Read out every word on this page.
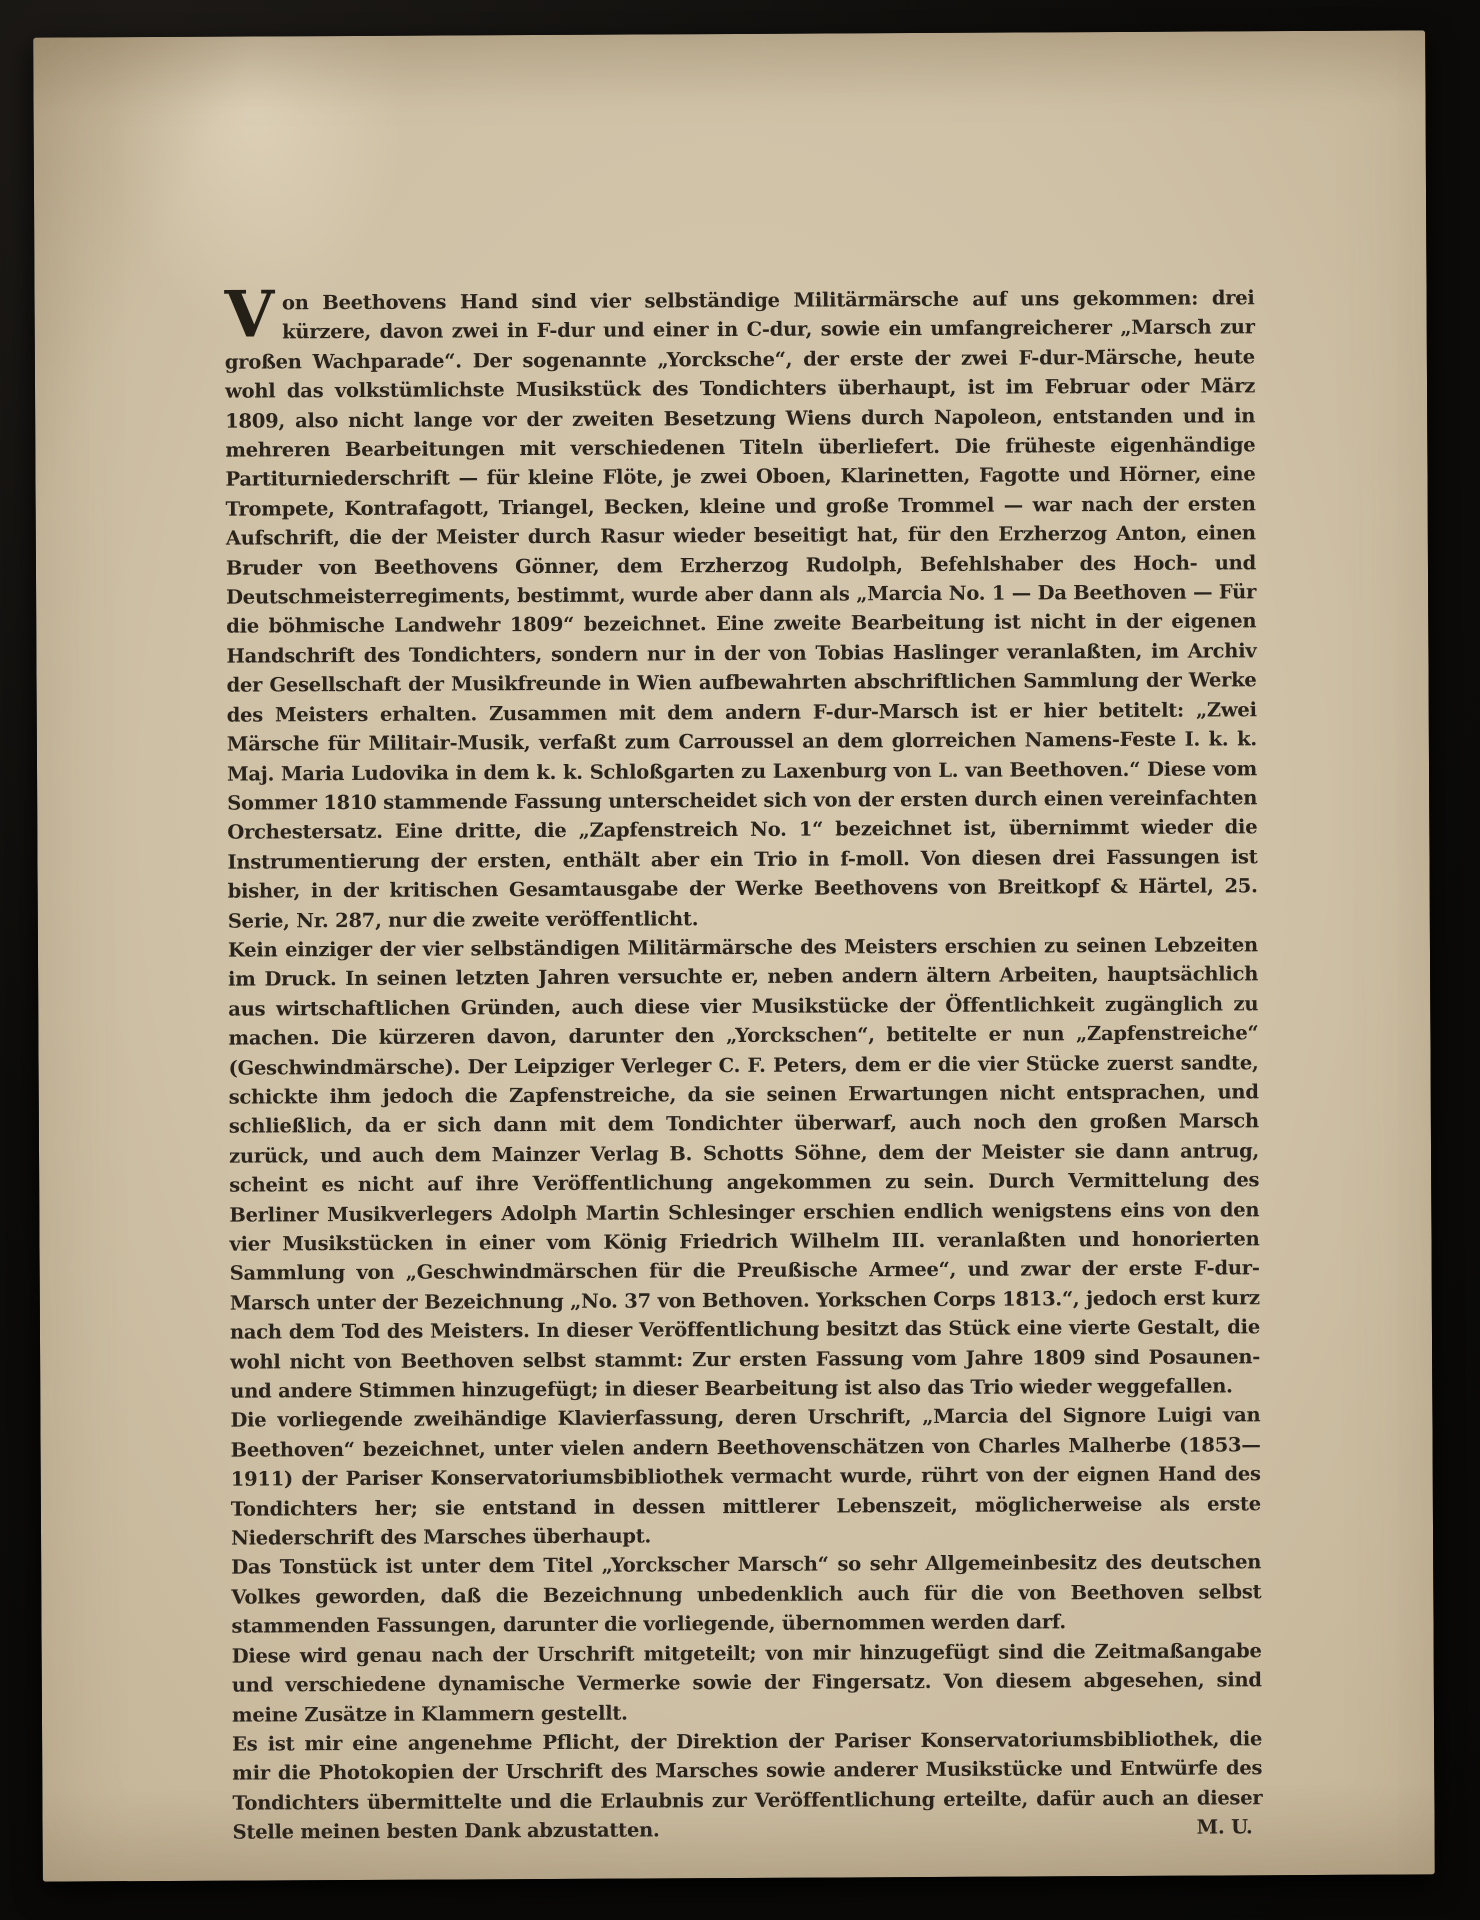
Von Beethovens Hand sind vier selbständige Militärmärsche auf uns gekommen: drei kürzere, davon zwei in F-dur und einer in C-dur, sowie ein umfangreicherer „Marsch zur großen Wachparade“. Der sogenannte „Yorcksche“, der erste der zwei F-dur-Märsche, heute wohl das volkstümlichste Musikstück des Tondichters überhaupt, ist im Februar oder März 1809, also nicht lange vor der zweiten Besetzung Wiens durch Napoleon, entstanden und in mehreren Bearbeitungen mit verschiedenen Titeln überliefert. Die früheste eigenhändige Partiturniederschrift — für kleine Flöte, je zwei Oboen, Klarinetten, Fagotte und Hörner, eine Trompete, Kontrafagott, Triangel, Becken, kleine und große Trommel — war nach der ersten Aufschrift, die der Meister durch Rasur wieder beseitigt hat, für den Erzherzog Anton, einen Bruder von Beethovens Gönner, dem Erzherzog Rudolph, Befehlshaber des Hoch- und Deutschmeisterregiments, bestimmt, wurde aber dann als „Marcia No. 1 — Da Beethoven — Für die böhmische Landwehr 1809“ bezeichnet. Eine zweite Bearbeitung ist nicht in der eigenen Handschrift des Tondichters, sondern nur in der von Tobias Haslinger veranlaßten, im Archiv der Gesellschaft der Musikfreunde in Wien aufbewahrten abschriftlichen Sammlung der Werke des Meisters erhalten. Zusammen mit dem andern F-dur-Marsch ist er hier betitelt: „Zwei Märsche für Militair-Musik, verfaßt zum Carroussel an dem glorreichen Namens-Feste I. k. k. Maj. Maria Ludovika in dem k. k. Schloßgarten zu Laxenburg von L. van Beethoven.“ Diese vom Sommer 1810 stammende Fassung unterscheidet sich von der ersten durch einen vereinfachten Orchestersatz. Eine dritte, die „Zapfenstreich No. 1“ bezeichnet ist, übernimmt wieder die Instrumentierung der ersten, enthält aber ein Trio in f-moll. Von diesen drei Fassungen ist bisher, in der kritischen Gesamtausgabe der Werke Beethovens von Breitkopf & Härtel, 25. Serie, Nr. 287, nur die zweite veröffentlicht.

Kein einziger der vier selbständigen Militärmärsche des Meisters erschien zu seinen Lebzeiten im Druck. In seinen letzten Jahren versuchte er, neben andern ältern Arbeiten, hauptsächlich aus wirtschaftlichen Gründen, auch diese vier Musikstücke der Öffentlichkeit zugänglich zu machen. Die kürzeren davon, darunter den „Yorckschen“, betitelte er nun „Zapfenstreiche“ (Geschwindmärsche). Der Leipziger Verleger C. F. Peters, dem er die vier Stücke zuerst sandte, schickte ihm jedoch die Zapfenstreiche, da sie seinen Erwartungen nicht entsprachen, und schließlich, da er sich dann mit dem Tondichter überwarf, auch noch den großen Marsch zurück, und auch dem Mainzer Verlag B. Schotts Söhne, dem der Meister sie dann antrug, scheint es nicht auf ihre Veröffentlichung angekommen zu sein. Durch Vermittelung des Berliner Musikverlegers Adolph Martin Schlesinger erschien endlich wenigstens eins von den vier Musikstücken in einer vom König Friedrich Wilhelm III. veranlaßten und honorierten Sammlung von „Geschwindmärschen für die Preußische Armee“, und zwar der erste F-dur-Marsch unter der Bezeichnung „No. 37 von Bethoven. Yorkschen Corps 1813.“, jedoch erst kurz nach dem Tod des Meisters. In dieser Veröffentlichung besitzt das Stück eine vierte Gestalt, die wohl nicht von Beethoven selbst stammt: Zur ersten Fassung vom Jahre 1809 sind Posaunen- und andere Stimmen hinzugefügt; in dieser Bearbeitung ist also das Trio wieder weggefallen.

Die vorliegende zweihändige Klavierfassung, deren Urschrift, „Marcia del Signore Luigi van Beethoven“ bezeichnet, unter vielen andern Beethovenschätzen von Charles Malherbe (1853—1911) der Pariser Konservatoriumsbibliothek vermacht wurde, rührt von der eignen Hand des Tondichters her; sie entstand in dessen mittlerer Lebenszeit, möglicherweise als erste Niederschrift des Marsches überhaupt.

Das Tonstück ist unter dem Titel „Yorckscher Marsch“ so sehr Allgemeinbesitz des deutschen Volkes geworden, daß die Bezeichnung unbedenklich auch für die von Beethoven selbst stammenden Fassungen, darunter die vorliegende, übernommen werden darf.

Diese wird genau nach der Urschrift mitgeteilt; von mir hinzugefügt sind die Zeitmaßangabe und verschiedene dynamische Vermerke sowie der Fingersatz. Von diesem abgesehen, sind meine Zusätze in Klammern gestellt.

Es ist mir eine angenehme Pflicht, der Direktion der Pariser Konservatoriumsbibliothek, die mir die Photokopien der Urschrift des Marsches sowie anderer Musikstücke und Entwürfe des Tondichters übermittelte und die Erlaubnis zur Veröffentlichung erteilte, dafür auch an dieser Stelle meinen besten Dank abzustatten.	M. U.
